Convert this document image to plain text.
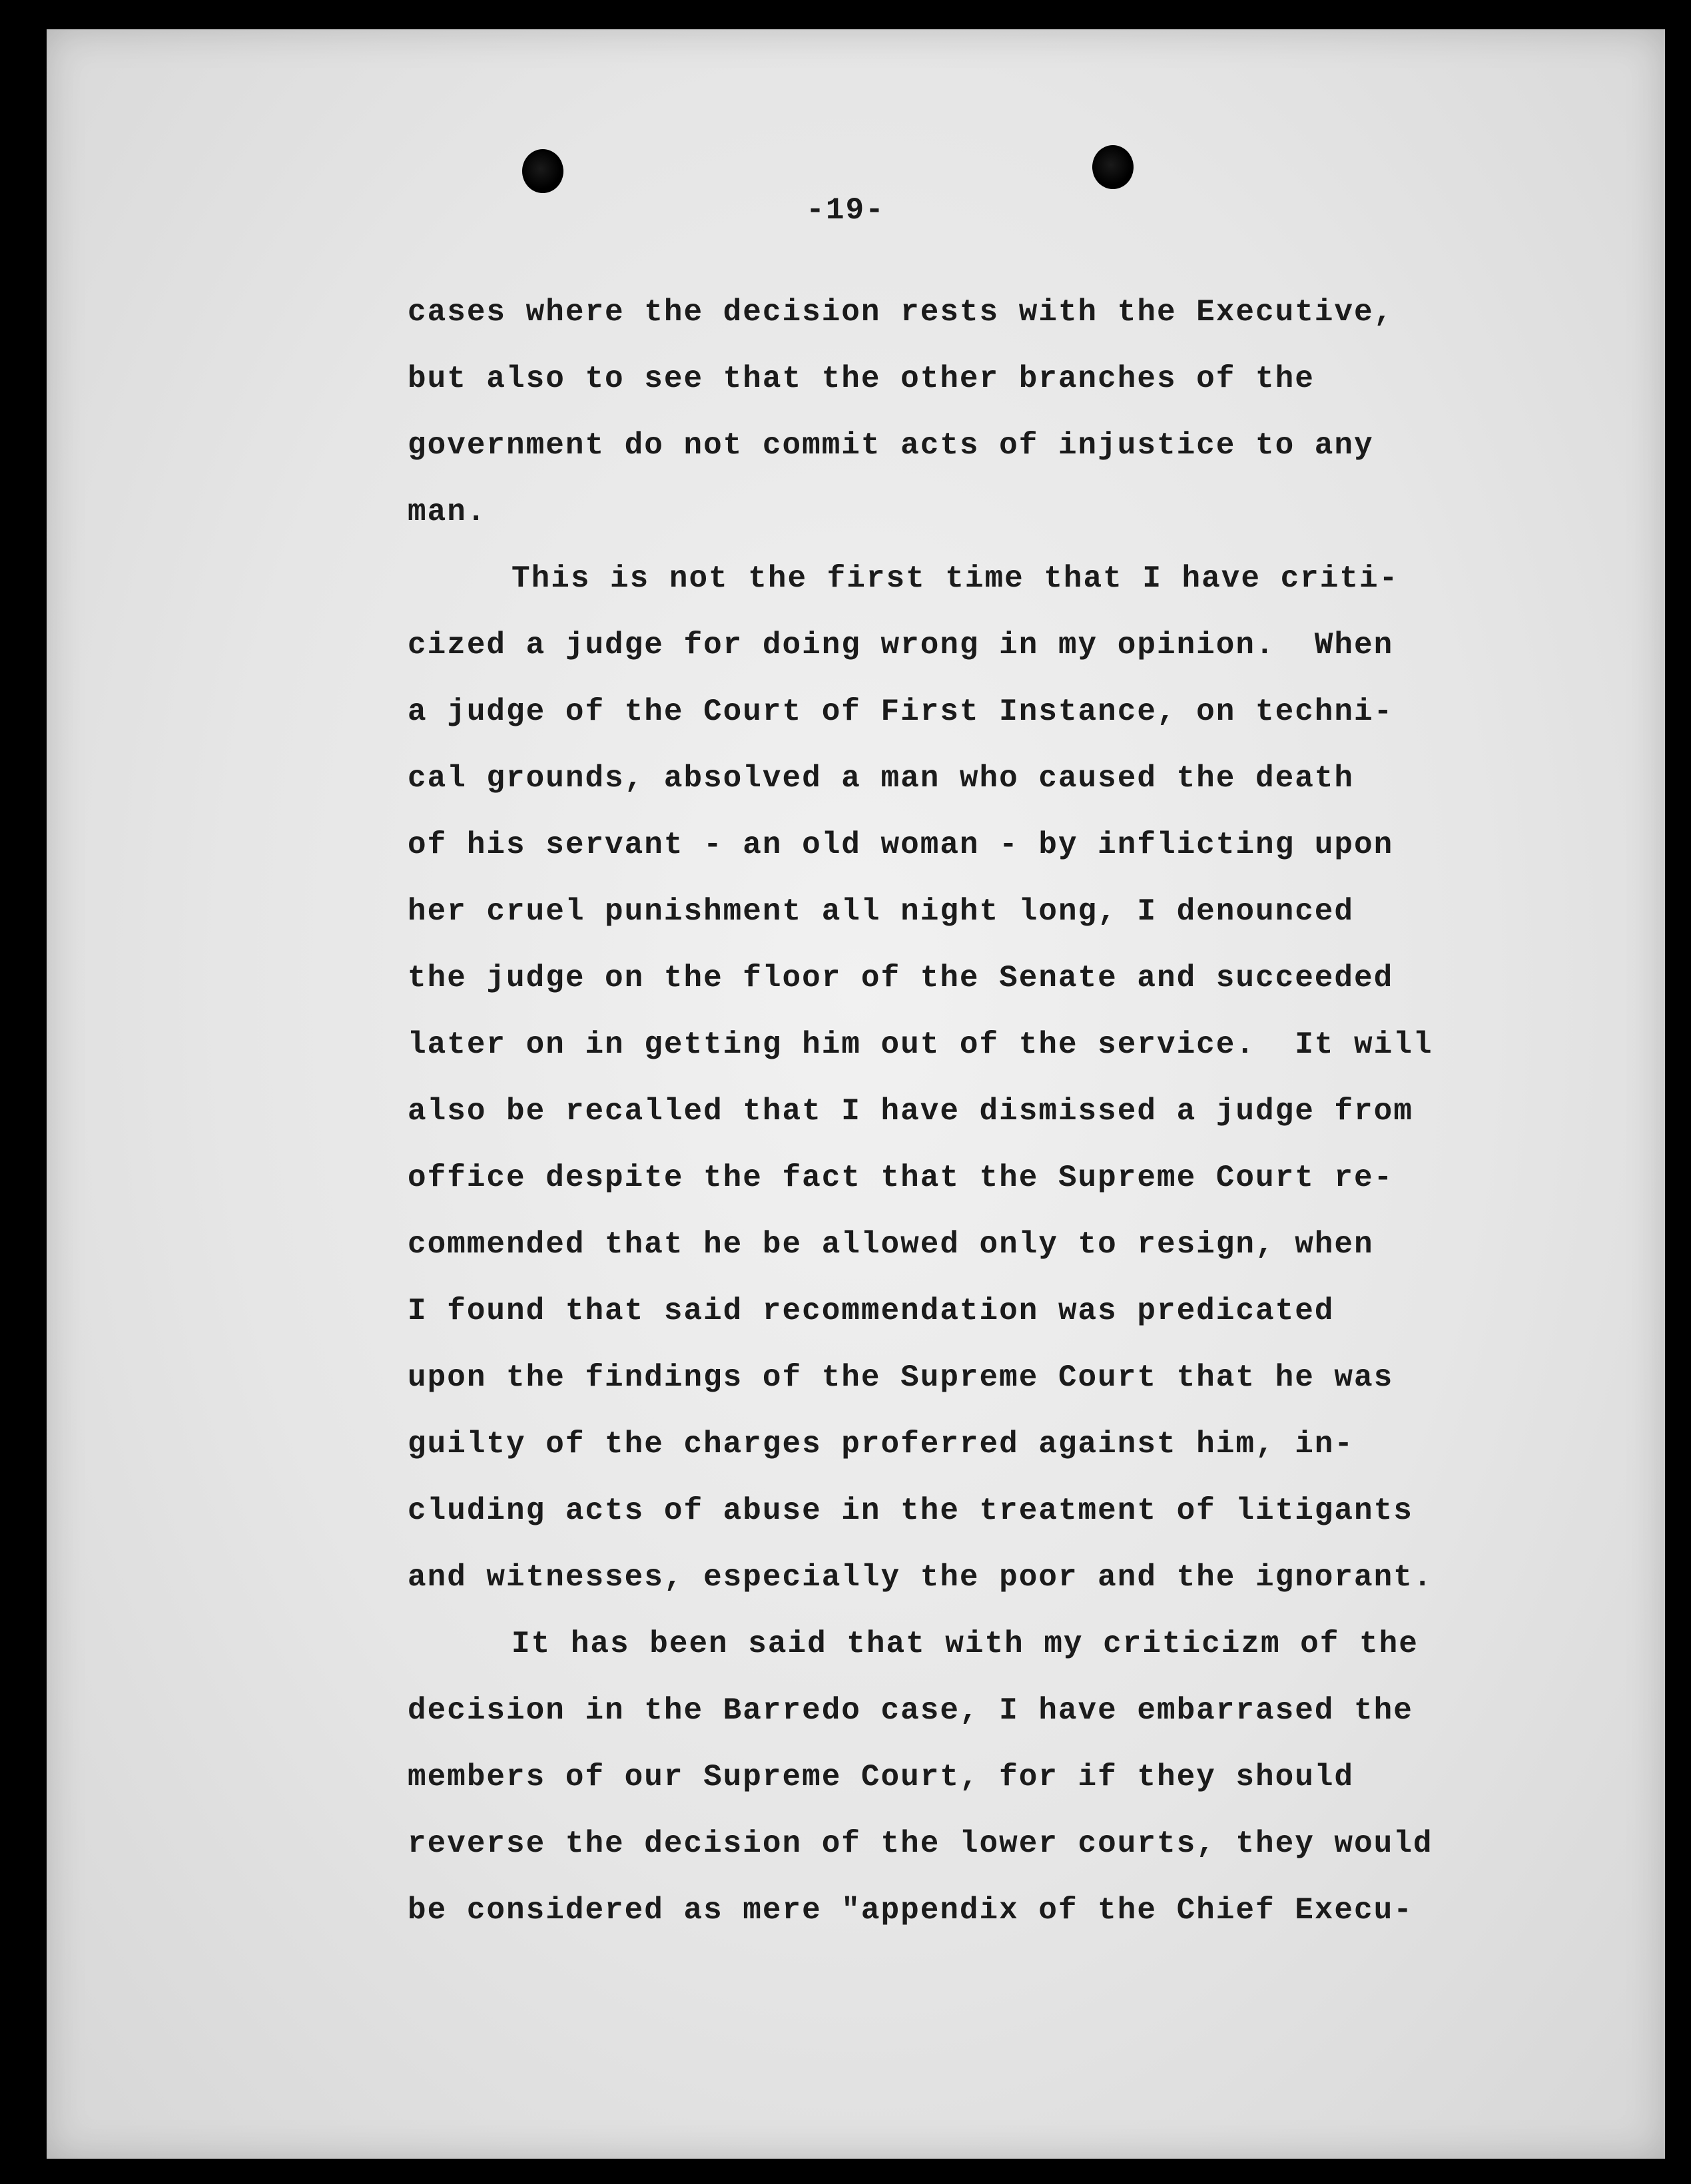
-19-
cases where the decision rests with the Executive,
but also to see that the other branches of the
government do not commit acts of injustice to any
man.
This is not the first time that I have criti-
cized a judge for doing wrong in my opinion.  When
a judge of the Court of First Instance, on techni-
cal grounds, absolved a man who caused the death
of his servant - an old woman - by inflicting upon
her cruel punishment all night long, I denounced
the judge on the floor of the Senate and succeeded
later on in getting him out of the service.  It will
also be recalled that I have dismissed a judge from
office despite the fact that the Supreme Court re-
commended that he be allowed only to resign, when
I found that said recommendation was predicated
upon the findings of the Supreme Court that he was
guilty of the charges proferred against him, in-
cluding acts of abuse in the treatment of litigants
and witnesses, especially the poor and the ignorant.
It has been said that with my criticizm of the
decision in the Barredo case, I have embarrased the
members of our Supreme Court, for if they should
reverse the decision of the lower courts, they would
be considered as mere "appendix of the Chief Execu-
